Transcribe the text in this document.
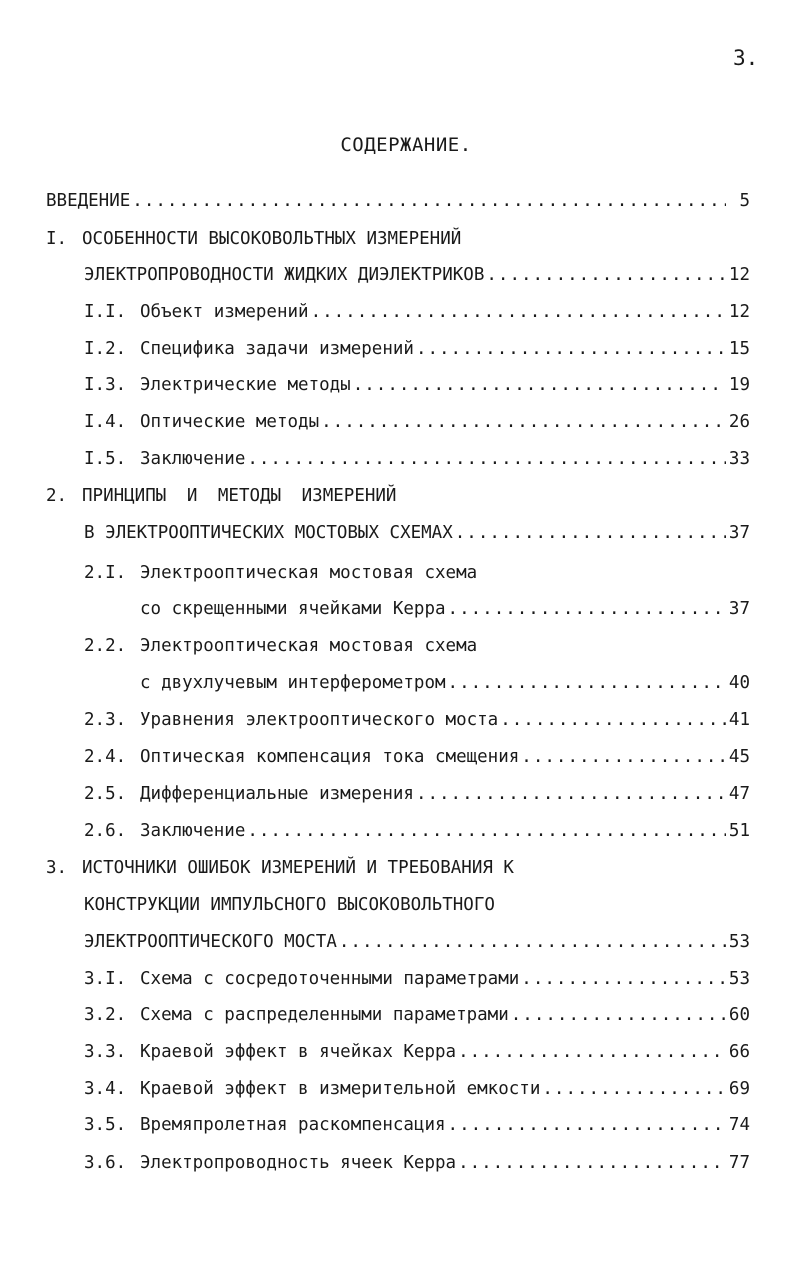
3.
СОДЕРЖАНИЕ.
ВВЕДЕНИЕ .....	5
I. ОСОБЕННОСТИ ВЫСОКОВОЛЬТНЫХ ИЗМЕРЕНИЙ
ЭЛЕКТРОПРОВОДНОСТИ ЖИДКИХ ДИЭЛЕКТРИКОВ .....	12
I.I. Объект измерений .....	12
I.2. Специфика задачи измерений .....	15
I.3. Электрические методы .....	19
I.4. Оптические методы .....	26
I.5. Заключение .....	33
2. ПРИНЦИПЫ И МЕТОДЫ ИЗМЕРЕНИЙ
В ЭЛЕКТРООПТИЧЕСКИХ МОСТОВЫХ СХЕМАХ .....	37
2.I. Электрооптическая мостовая схема
со скрещенными ячейками Керра .....	37
2.2. Электрооптическая мостовая схема
с двухлучевым интерферометром .....	40
2.3. Уравнения электрооптического моста .....	41
2.4. Оптическая компенсация тока смещения .....	45
2.5. Дифференциальные измерения .....	47
2.6. Заключение .....	51
3. ИСТОЧНИКИ ОШИБОК ИЗМЕРЕНИЙ И ТРЕБОВАНИЯ К
КОНСТРУКЦИИ ИМПУЛЬСНОГО ВЫСОКОВОЛЬТНОГО
ЭЛЕКТРООПТИЧЕСКОГО МОСТА .....	53
3.I. Схема с сосредоточенными параметрами .....	53
3.2. Схема с распределенными параметрами .....	60
3.3. Краевой эффект в ячейках Керра .....	66
3.4. Краевой эффект в измерительной емкости .....	69
3.5. Времяпролетная раскомпенсация .....	74
3.6. Электропроводность ячеек Керра .....	77
